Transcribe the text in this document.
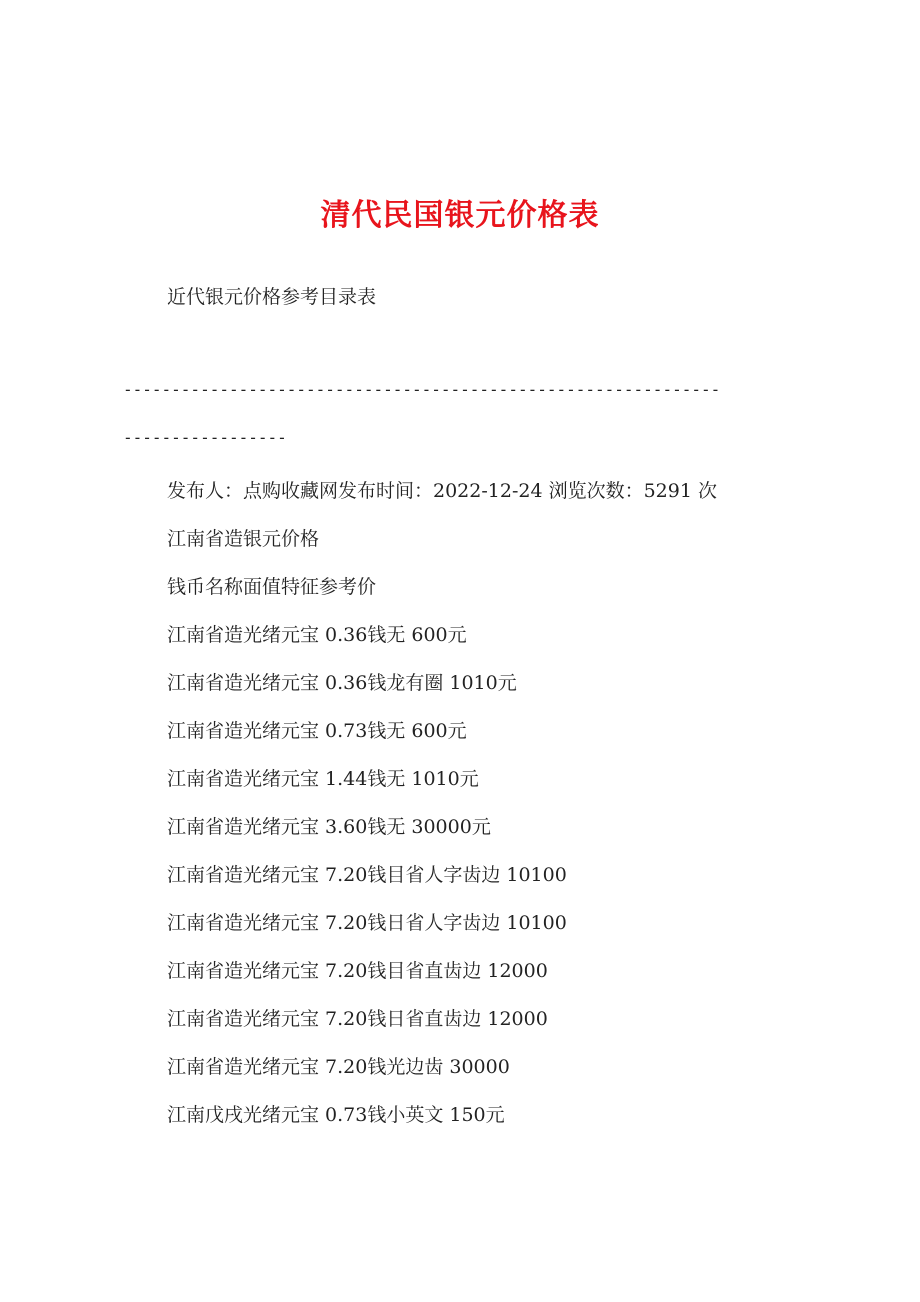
清代民国银元价格表
近代银元价格参考目录表
--------------------------------------------------------------
-----------------
发布人：点购收藏网发布时间：2022-12-24 浏览次数：5291 次
江南省造银元价格
钱币名称面值特征参考价
江南省造光绪元宝 0.36钱无 600元
江南省造光绪元宝 0.36钱龙有圈 1010元
江南省造光绪元宝 0.73钱无 600元
江南省造光绪元宝 1.44钱无 1010元
江南省造光绪元宝 3.60钱无 30000元
江南省造光绪元宝 7.20钱目省人字齿边 10100
江南省造光绪元宝 7.20钱日省人字齿边 10100
江南省造光绪元宝 7.20钱目省直齿边 12000
江南省造光绪元宝 7.20钱日省直齿边 12000
江南省造光绪元宝 7.20钱光边齿 30000
江南戊戌光绪元宝 0.73钱小英文 150元
